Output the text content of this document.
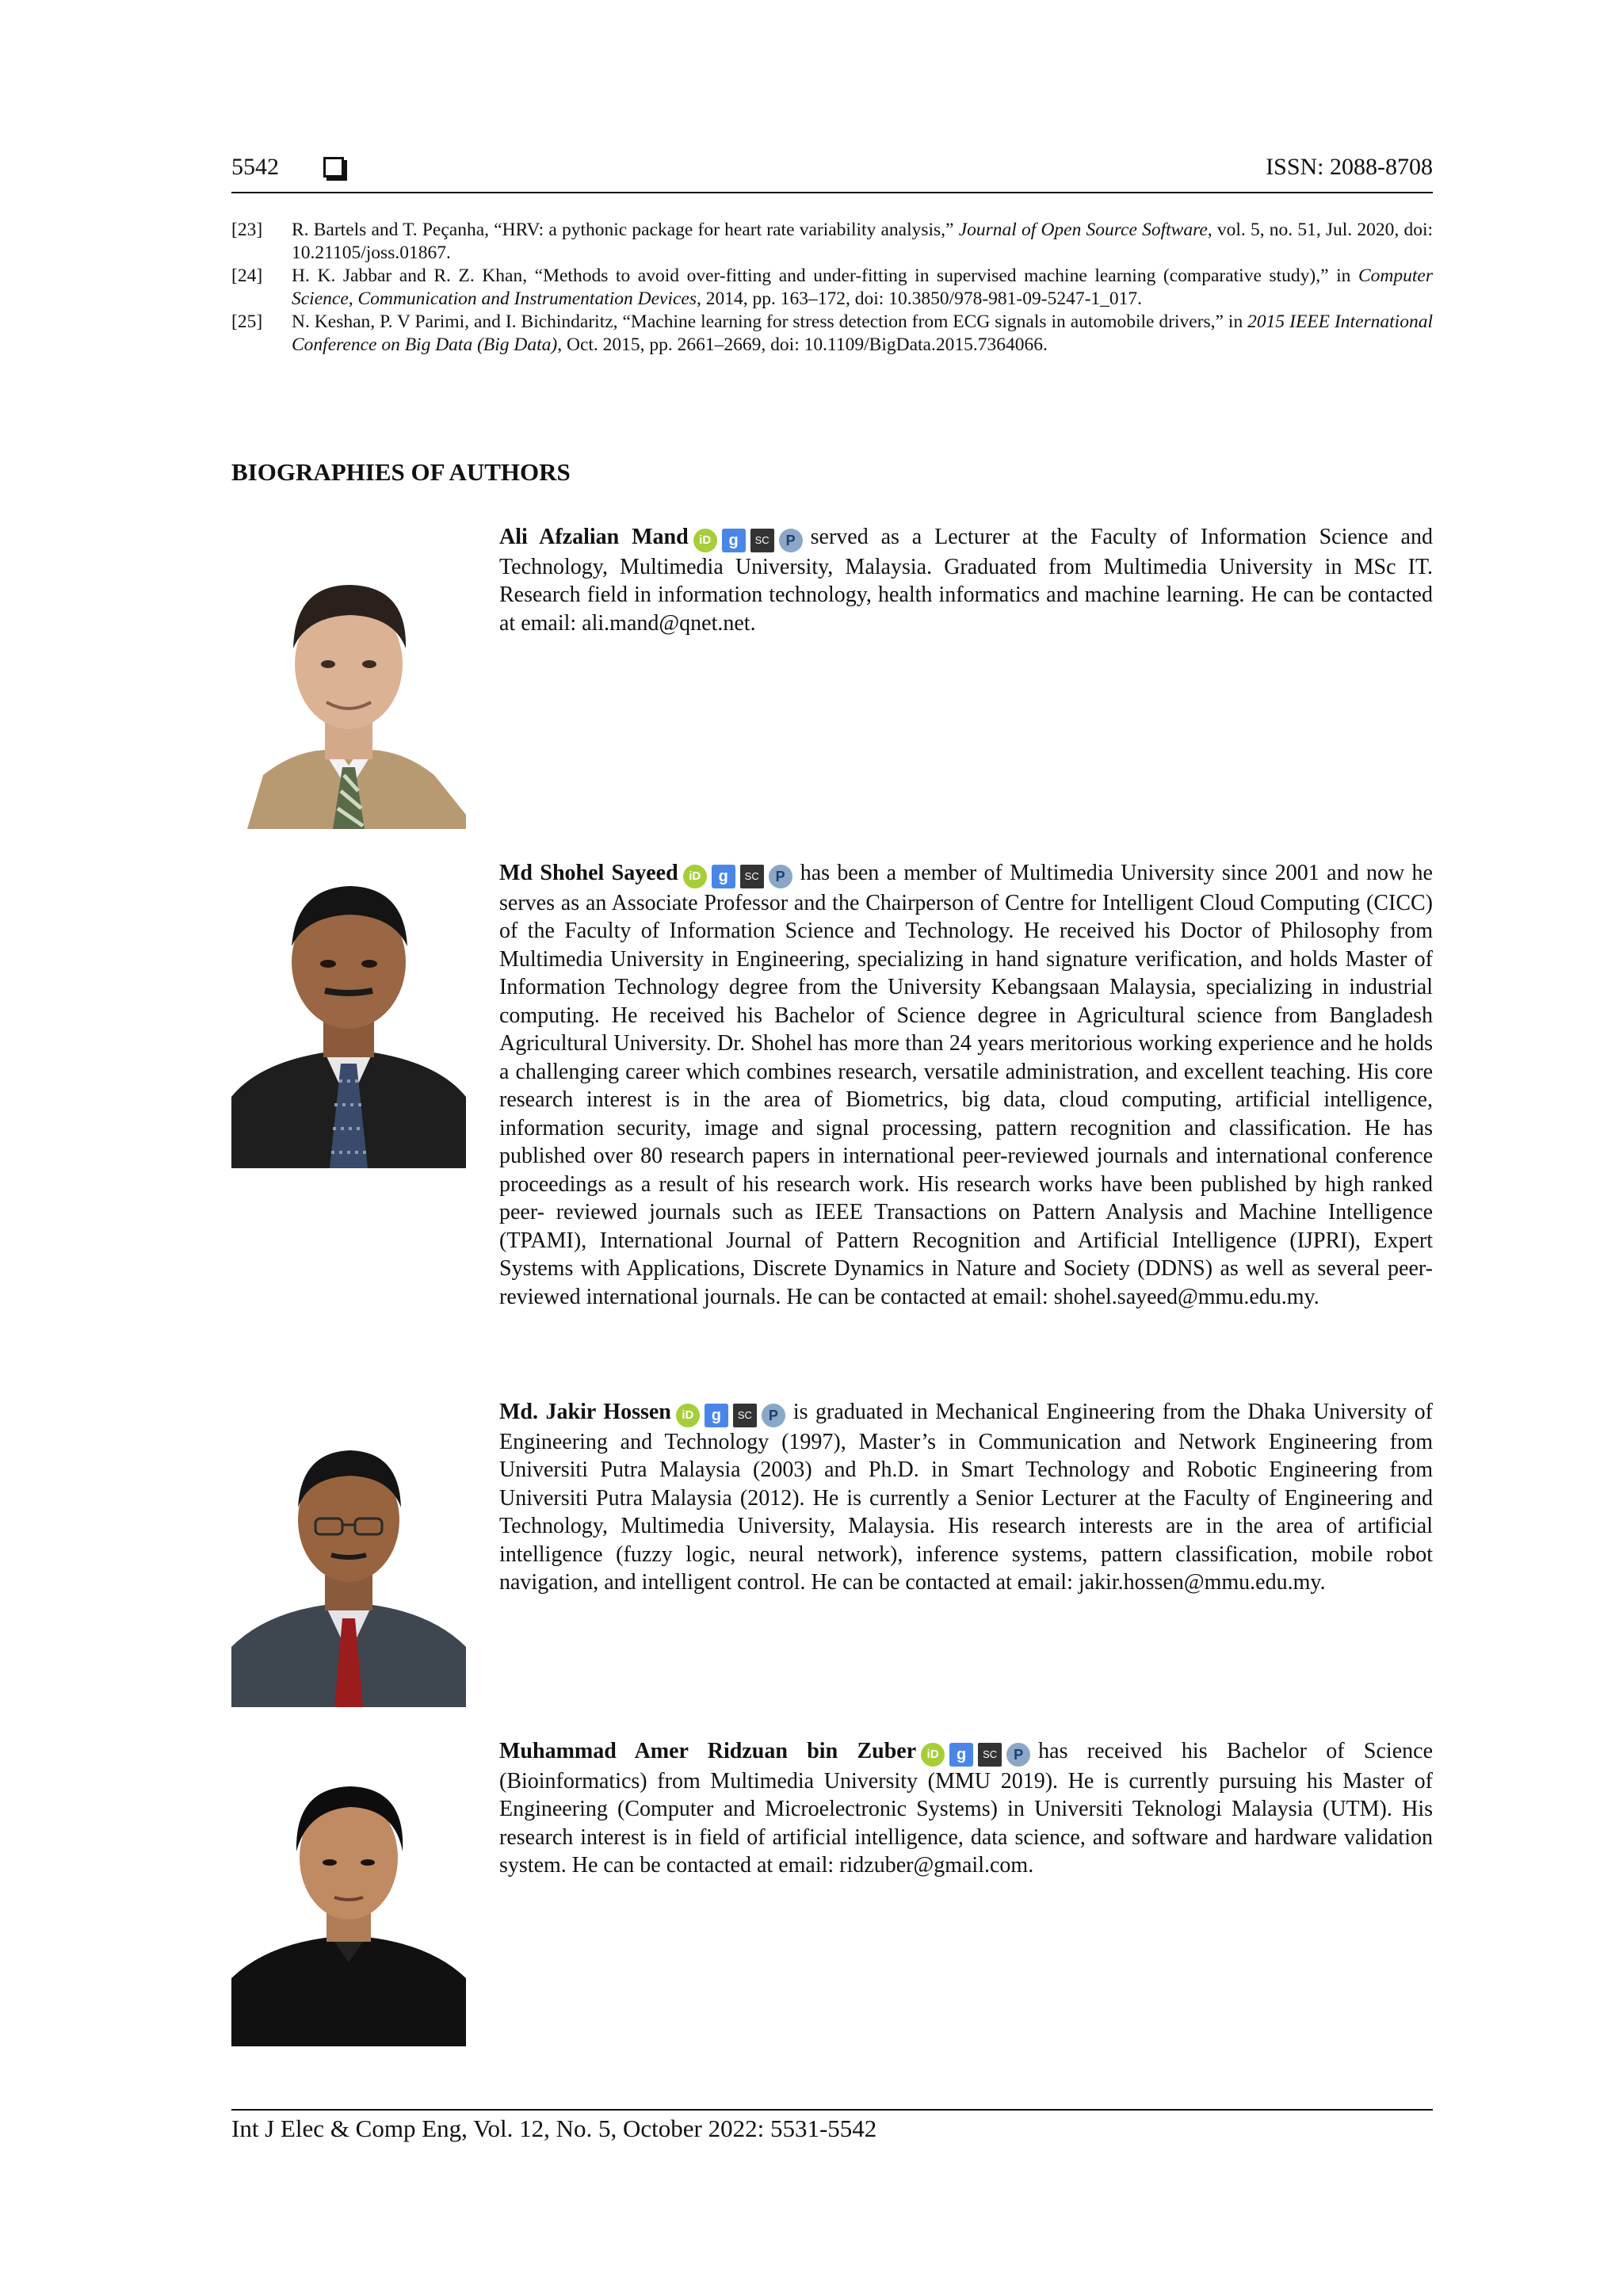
5542	ISSN: 2088-8708
[23]	R. Bartels and T. Peçanha, “HRV: a pythonic package for heart rate variability analysis,” Journal of Open Source Software, vol. 5, no. 51, Jul. 2020, doi: 10.21105/joss.01867.
[24]	H. K. Jabbar and R. Z. Khan, “Methods to avoid over-fitting and under-fitting in supervised machine learning (comparative study),” in Computer Science, Communication and Instrumentation Devices, 2014, pp. 163–172, doi: 10.3850/978-981-09-5247-1_017.
[25]	N. Keshan, P. V Parimi, and I. Bichindaritz, “Machine learning for stress detection from ECG signals in automobile drivers,” in 2015 IEEE International Conference on Big Data (Big Data), Oct. 2015, pp. 2661–2669, doi: 10.1109/BigData.2015.7364066.
BIOGRAPHIES OF AUTHORS
Ali Afzalian Mand iD g SC P served as a Lecturer at the Faculty of Information Science and Technology, Multimedia University, Malaysia. Graduated from Multimedia University in MSc IT. Research field in information technology, health informatics and machine learning. He can be contacted at email: ali.mand@qnet.net.
Md Shohel Sayeed iD g SC P has been a member of Multimedia University since 2001 and now he serves as an Associate Professor and the Chairperson of Centre for Intelligent Cloud Computing (CICC) of the Faculty of Information Science and Technology. He received his Doctor of Philosophy from Multimedia University in Engineering, specializing in hand signature verification, and holds Master of Information Technology degree from the University Kebangsaan Malaysia, specializing in industrial computing. He received his Bachelor of Science degree in Agricultural science from Bangladesh Agricultural University. Dr. Shohel has more than 24 years meritorious working experience and he holds a challenging career which combines research, versatile administration, and excellent teaching. His core research interest is in the area of Biometrics, big data, cloud computing, artificial intelligence, information security, image and signal processing, pattern recognition and classification. He has published over 80 research papers in international peer-reviewed journals and international conference proceedings as a result of his research work. His research works have been published by high ranked peer- reviewed journals such as IEEE Transactions on Pattern Analysis and Machine Intelligence (TPAMI), International Journal of Pattern Recognition and Artificial Intelligence (IJPRI), Expert Systems with Applications, Discrete Dynamics in Nature and Society (DDNS) as well as several peer-reviewed international journals. He can be contacted at email: shohel.sayeed@mmu.edu.my.
Md. Jakir Hossen iD g SC P is graduated in Mechanical Engineering from the Dhaka University of Engineering and Technology (1997), Master’s in Communication and Network Engineering from Universiti Putra Malaysia (2003) and Ph.D. in Smart Technology and Robotic Engineering from Universiti Putra Malaysia (2012). He is currently a Senior Lecturer at the Faculty of Engineering and Technology, Multimedia University, Malaysia. His research interests are in the area of artificial intelligence (fuzzy logic, neural network), inference systems, pattern classification, mobile robot navigation, and intelligent control. He can be contacted at email: jakir.hossen@mmu.edu.my.
Muhammad Amer Ridzuan bin Zuber iD g SC P has received his Bachelor of Science (Bioinformatics) from Multimedia University (MMU 2019). He is currently pursuing his Master of Engineering (Computer and Microelectronic Systems) in Universiti Teknologi Malaysia (UTM). His research interest is in field of artificial intelligence, data science, and software and hardware validation system. He can be contacted at email: ridzuber@gmail.com.
Int J Elec & Comp Eng, Vol. 12, No. 5, October 2022: 5531-5542
